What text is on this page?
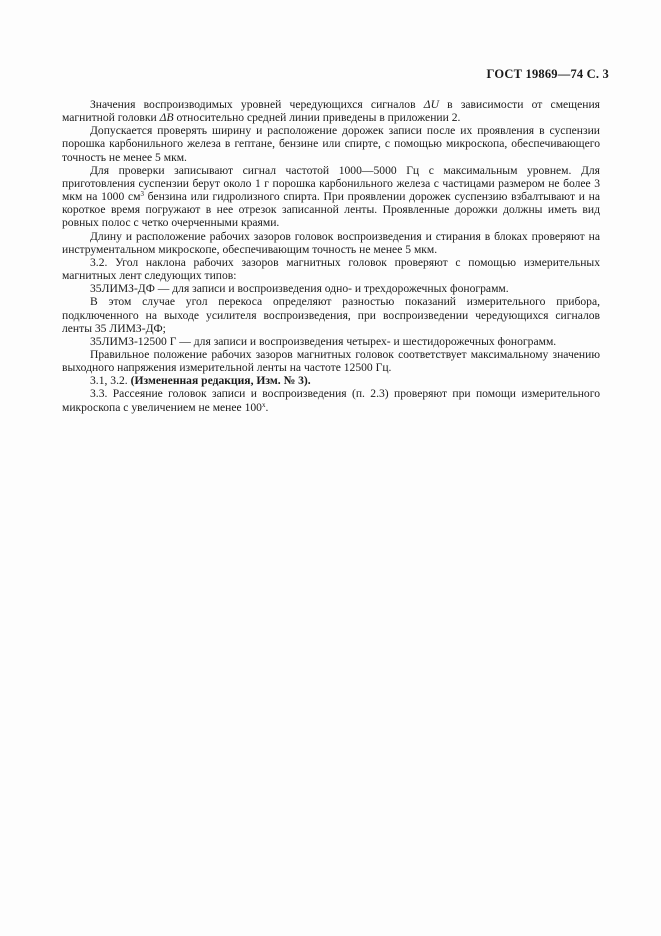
ГОСТ 19869—74 С. 3

Значения воспроизводимых уровней чередующихся сигналов ΔU в зависимости от смещения магнитной головки ΔB относительно средней линии приведены в приложении 2.

Допускается проверять ширину и расположение дорожек записи после их проявления в суспензии порошка карбонильного железа в гептане, бензине или спирте, с помощью микроскопа, обеспечивающего точность не менее 5 мкм.

Для проверки записывают сигнал частотой 1000—5000 Гц с максимальным уровнем. Для приготовления суспензии берут около 1 г порошка карбонильного железа с частицами размером не более 3 мкм на 1000 $см^3$ бензина или гидролизного спирта. При проявлении дорожек суспензию взбалтывают и на короткое время погружают в нее отрезок записанной ленты. Проявленные дорожки должны иметь вид ровных полос с четко очерченными краями.

Длину и расположение рабочих зазоров головок воспроизведения и стирания в блоках проверяют на инструментальном микроскопе, обеспечивающим точность не менее 5 мкм.

3.2. Угол наклона рабочих зазоров магнитных головок проверяют с помощью измерительных магнитных лент следующих типов:

35ЛИМЗ-ДФ — для записи и воспроизведения одно- и трехдорожечных фонограмм.

В этом случае угол перекоса определяют разностью показаний измерительного прибора, подключенного на выходе усилителя воспроизведения, при воспроизведении чередующихся сигналов ленты 35 ЛИМЗ-ДФ;

35ЛИМЗ-12500 Г — для записи и воспроизведения четырех- и шестидорожечных фонограмм.

Правильное положение рабочих зазоров магнитных головок соответствует максимальному значению выходного напряжения измерительной ленты на частоте 12500 Гц.

3.1, 3.2. (Измененная редакция, Изм. № 3).

3.3. Рассеяние головок записи и воспроизведения (п. 2.3) проверяют при помощи измерительного микроскопа с увеличением не менее $100^х$.
